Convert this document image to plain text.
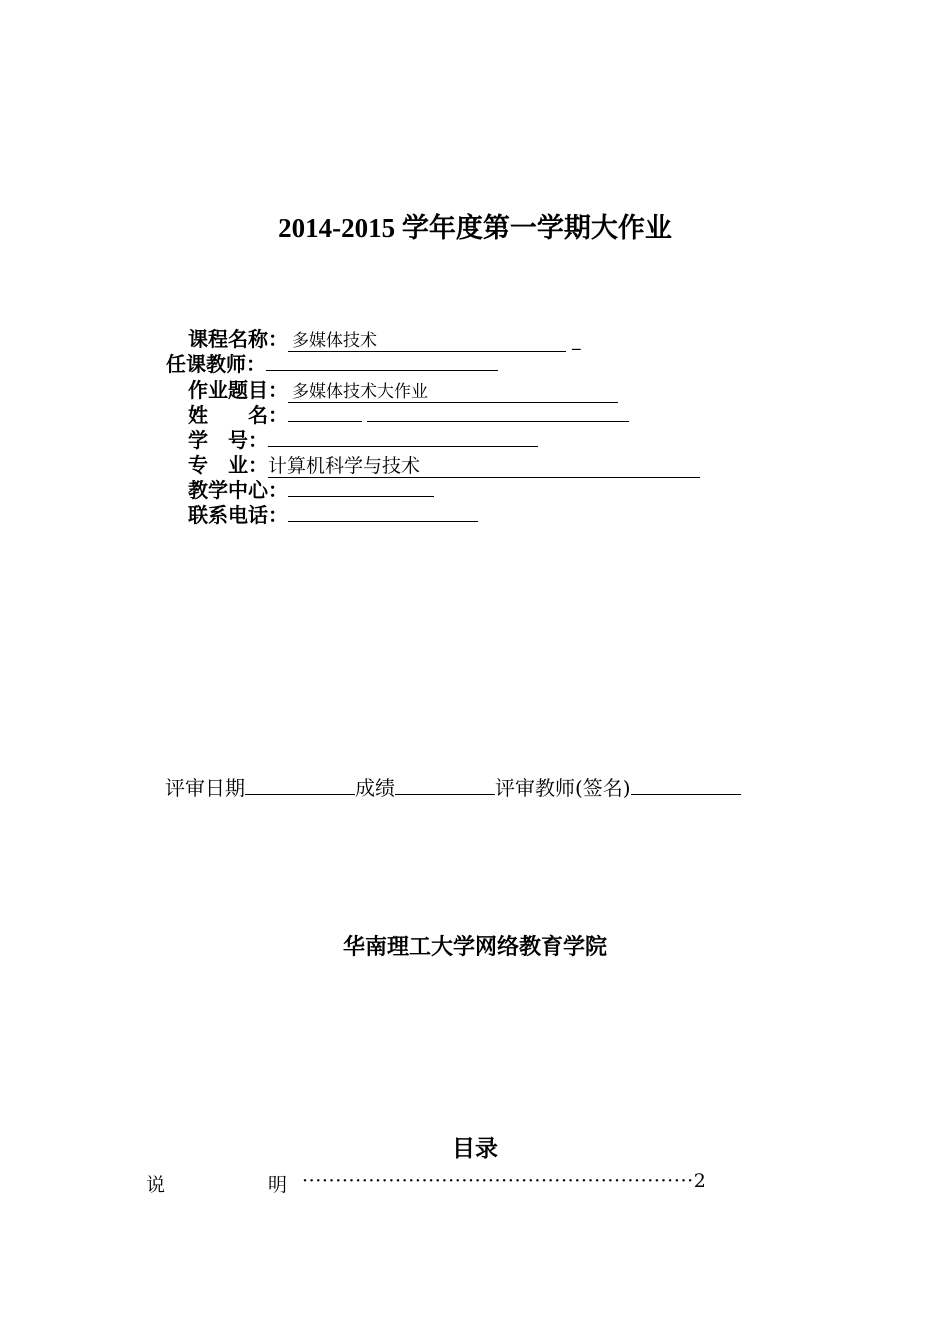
2014-2015 学年度第一学期大作业
课程名称： 多媒体技术	_
任课教师：
作业题目： 多媒体技术大作业
姓　　名：
学　号：
专　业：计算机科学与技术
教学中心：
联系电话：
评审日期	成绩	评审教师(签名)
华南理工大学网络教育学院
目录
说	明 ···························································2
